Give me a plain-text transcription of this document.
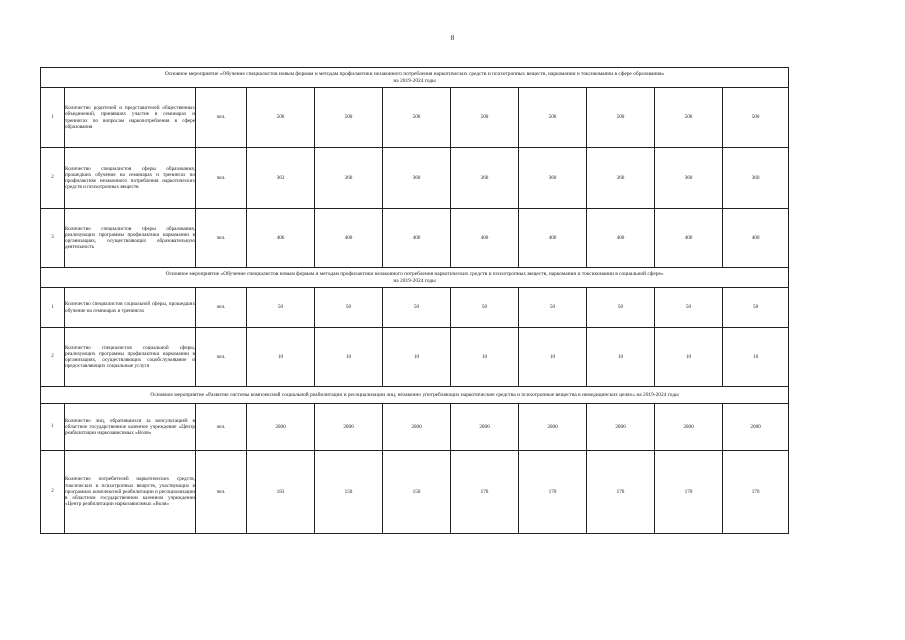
8
Основное мероприятие «Обучение специалистов новым формам и методам профилактики незаконного потребления наркотических средств и психотропных веществ, наркомании и токсикомании в сфере образования»
на 2019-2024 годы										

1	Количество родителей и представителей общественных объединений, принявших участие в семинарах и тренингах по вопросам наркопотребления в сфере образования	чел.	500	500	500	500	500	500	500	500
2	Количество специалистов сферы образования, прошедших обучение на семинарах и тренингах по профилактике незаконного потребления наркотических средств и психотропных веществ	чел.	363	360	360	360	360	360	360	360
3	Количество специалистов сферы образования, реализующих программы профилактики наркомании в организациях, осуществляющих образовательную деятельность	чел.	406	400	400	400	400	400	400	400

Основное мероприятие «Обучение специалистов новым формам и методам профилактики незаконного потребления наркотических средств и психотропных веществ, наркомании и токсикомании в социальной сфере»
на 2019-2024 годы										

1	Количество специалистов социальной сферы, прошедших обучение на семинарах и тренингах	чел.	50	50	50	50	50	50	50	50
2	Количество специалистов социальной сферы, реализующих программы профилактики наркомании в организациях, осуществляющих соцобслуживание и предоставляющих социальные услуги	чел.	10	10	10	10	10	10	10	10

Основное мероприятие «Развитие системы комплексной социальной реабилитации и ресоциализации лиц, незаконно употребляющих наркотические средства и психотропные вещества в немедицинских целях» на 2019-2024 годы										

1	Количество лиц, обратившихся за консультацией в областное государственное казенное учреждение «Центр реабилитации наркозависимых «Воля»	чел.	2000	2000	2000	2000	2000	2000	2000	2000
2	Количество потребителей наркотических средств, токсических и психотропных веществ, участвующих в программах комплексной реабилитации и ресоциализации в областном государственном казенном учреждении «Центр реабилитации наркозависимых «Воля»	чел.	183	150	150	170	170	170	170	170
